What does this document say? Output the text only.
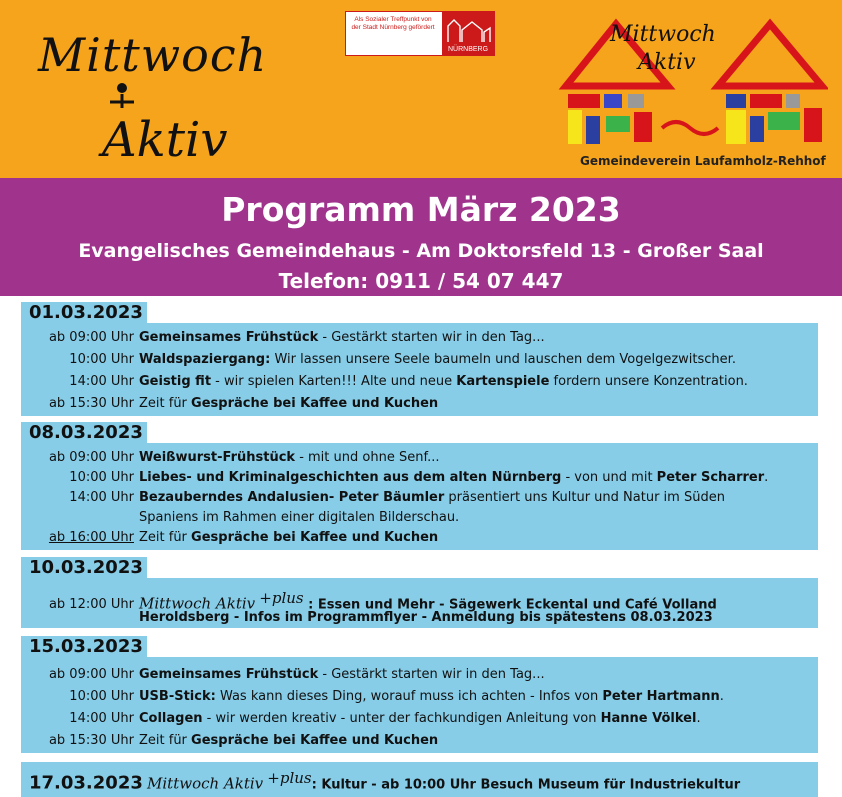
Mittwoch
Aktiv
Als Sozialer Treffpunkt von der Stadt Nürnberg gefördert
NÜRNBERG
Mittwoch
Aktiv
Gemeindeverein Laufamholz-Rehhof
Programm März 2023
Evangelisches Gemeindehaus - Am Doktorsfeld 13 - Großer Saal
Telefon: 0911 / 54 07 447
01.03.2023
ab 09:00 Uhr Gemeinsames Frühstück - Gestärkt starten wir in den Tag...
10:00 Uhr Waldspaziergang: Wir lassen unsere Seele baumeln und lauschen dem Vogelgezwitscher.
14:00 Uhr Geistig fit - wir spielen Karten!!! Alte und neue Kartenspiele fordern unsere Konzentration.
ab 15:30 Uhr Zeit für Gespräche bei Kaffee und Kuchen
08.03.2023
ab 09:00 Uhr Weißwurst-Frühstück - mit und ohne Senf...
10:00 Uhr Liebes- und Kriminalgeschichten aus dem alten Nürnberg - von und mit Peter Scharrer.
14:00 Uhr Bezauberndes Andalusien- Peter Bäumler präsentiert uns Kultur und Natur im Süden
Spaniens im Rahmen einer digitalen Bilderschau.
ab 16:00 Uhr Zeit für Gespräche bei Kaffee und Kuchen
10.03.2023
ab 12:00 Uhr Mittwoch Aktiv $^{+plus}$ : Essen und Mehr - Sägewerk Eckental und Café Volland
Heroldsberg - Infos im Programmflyer - Anmeldung bis spätestens 08.03.2023
15.03.2023
ab 09:00 Uhr Gemeinsames Frühstück - Gestärkt starten wir in den Tag...
10:00 Uhr USB-Stick: Was kann dieses Ding, worauf muss ich achten - Infos von Peter Hartmann.
14:00 Uhr Collagen - wir werden kreativ - unter der fachkundigen Anleitung von Hanne Völkel.
ab 15:30 Uhr Zeit für Gespräche bei Kaffee und Kuchen
17.03.2023 Mittwoch Aktiv $^{+plus}$: Kultur - ab 10:00 Uhr Besuch Museum für Industriekultur
